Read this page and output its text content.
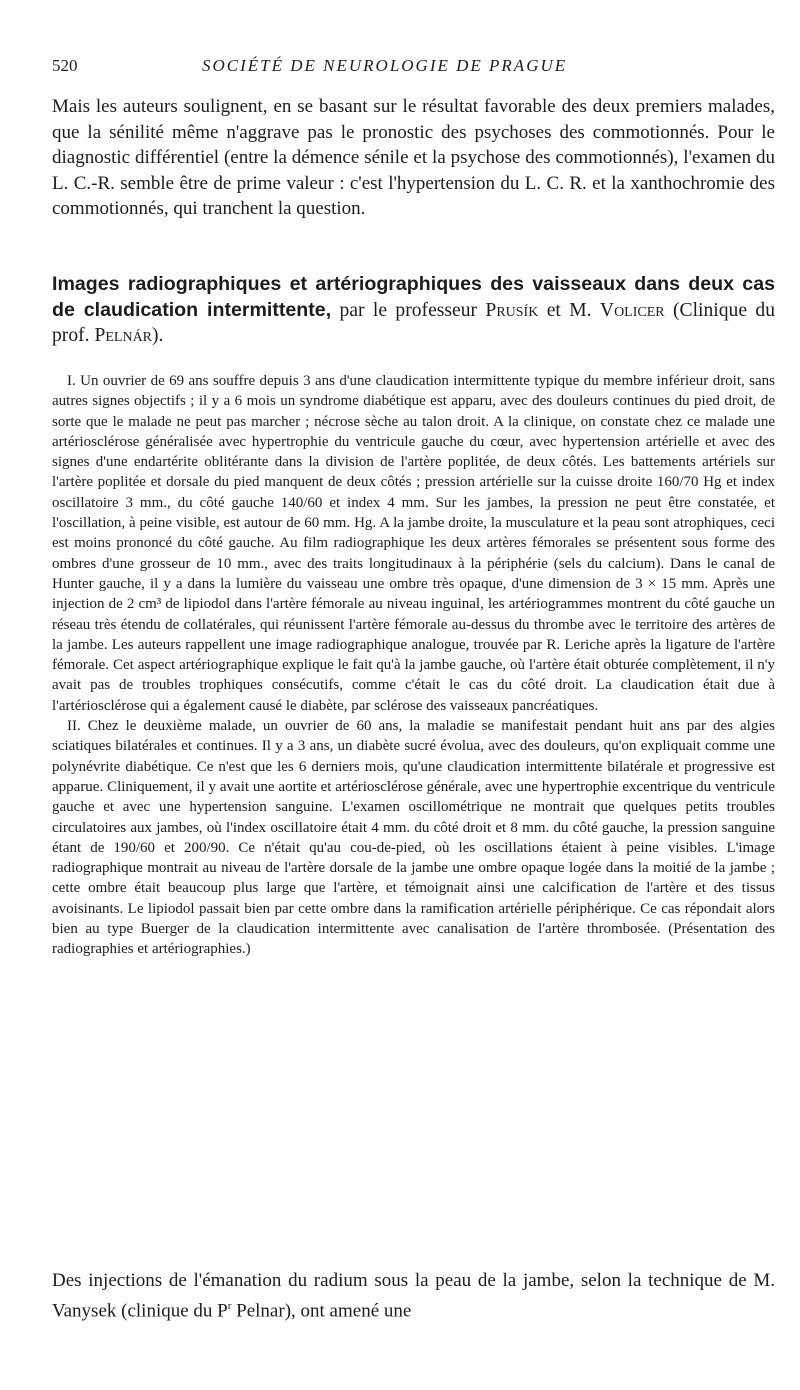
520	SOCIÉTÉ DE NEUROLOGIE DE PRAGUE

Mais les auteurs soulignent, en se basant sur le résultat favorable des deux premiers malades, que la sénilité même n'aggrave pas le pronostic des psychoses des commotionnés. Pour le diagnostic différentiel (entre la démence sénile et la psychose des commotionnés), l'examen du L. C.-R. semble être de prime valeur : c'est l'hypertension du L. C. R. et la xanthochromie des commotionnés, qui tranchent la question.

Images radiographiques et artériographiques des vaisseaux dans deux cas de claudication intermittente, par le professeur Prusík et M. Volicer (Clinique du prof. Pelnár).

I. Un ouvrier de 69 ans souffre depuis 3 ans d'une claudication intermittente typique du membre inférieur droit, sans autres signes objectifs ; il y a 6 mois un syndrome diabétique est apparu, avec des douleurs continues du pied droit, de sorte que le malade ne peut pas marcher ; nécrose sèche au talon droit. A la clinique, on constate chez ce malade une artériosclérose généralisée avec hypertrophie du ventricule gauche du cœur, avec hypertension artérielle et avec des signes d'une endartérite oblitérante dans la division de l'artère poplitée, de deux côtés. Les battements artériels sur l'artère poplitée et dorsale du pied manquent de deux côtés ; pression artérielle sur la cuisse droite 160/70 Hg et index oscillatoire 3 mm., du côté gauche 140/60 et index 4 mm. Sur les jambes, la pression ne peut être constatée, et l'oscillation, à peine visible, est autour de 60 mm. Hg. A la jambe droite, la musculature et la peau sont atrophiques, ceci est moins prononcé du côté gauche. Au film radiographique les deux artères fémorales se présentent sous forme des ombres d'une grosseur de 10 mm., avec des traits longitudinaux à la périphérie (sels du calcium). Dans le canal de Hunter gauche, il y a dans la lumière du vaisseau une ombre très opaque, d'une dimension de 3 × 15 mm. Après une injection de 2 cm³ de lipiodol dans l'artère fémorale au niveau inguinal, les artériogrammes montrent du côté gauche un réseau très étendu de collatérales, qui réunissent l'artère fémorale au-dessus du thrombe avec le territoire des artères de la jambe. Les auteurs rappellent une image radiographique analogue, trouvée par R. Leriche après la ligature de l'artère fémorale. Cet aspect artériographique explique le fait qu'à la jambe gauche, où l'artère était obturée complètement, il n'y avait pas de troubles trophiques consécutifs, comme c'était le cas du côté droit. La claudication était due à l'artériosclérose qui a également causé le diabète, par sclérose des vaisseaux pancréatiques.

II. Chez le deuxième malade, un ouvrier de 60 ans, la maladie se manifestait pendant huit ans par des algies sciatiques bilatérales et continues. Il y a 3 ans, un diabète sucré évolua, avec des douleurs, qu'on expliquait comme une polynévrite diabétique. Ce n'est que les 6 derniers mois, qu'une claudication intermittente bilatérale et progressive est apparue. Cliniquement, il y avait une aortite et artériosclérose générale, avec une hypertrophie excentrique du ventricule gauche et avec une hypertension sanguine. L'examen oscillométrique ne montrait que quelques petits troubles circulatoires aux jambes, où l'index oscillatoire était 4 mm. du côté droit et 8 mm. du côté gauche, la pression sanguine étant de 190/60 et 200/90. Ce n'était qu'au cou-de-pied, où les oscillations étaient à peine visibles. L'image radiographique montrait au niveau de l'artère dorsale de la jambe une ombre opaque logée dans la moitié de la jambe ; cette ombre était beaucoup plus large que l'artère, et témoignait ainsi une calcification de l'artère et des tissus avoisinants. Le lipiodol passait bien par cette ombre dans la ramification artérielle périphérique. Ce cas répondait alors bien au type Buerger de la claudication intermittente avec canalisation de l'artère thrombosée. (Présentation des radiographies et artériographies.)

Des injections de l'émanation du radium sous la peau de la jambe, selon la technique de M. Vanysek (clinique du $P^r$ Pelnar), ont amené une
